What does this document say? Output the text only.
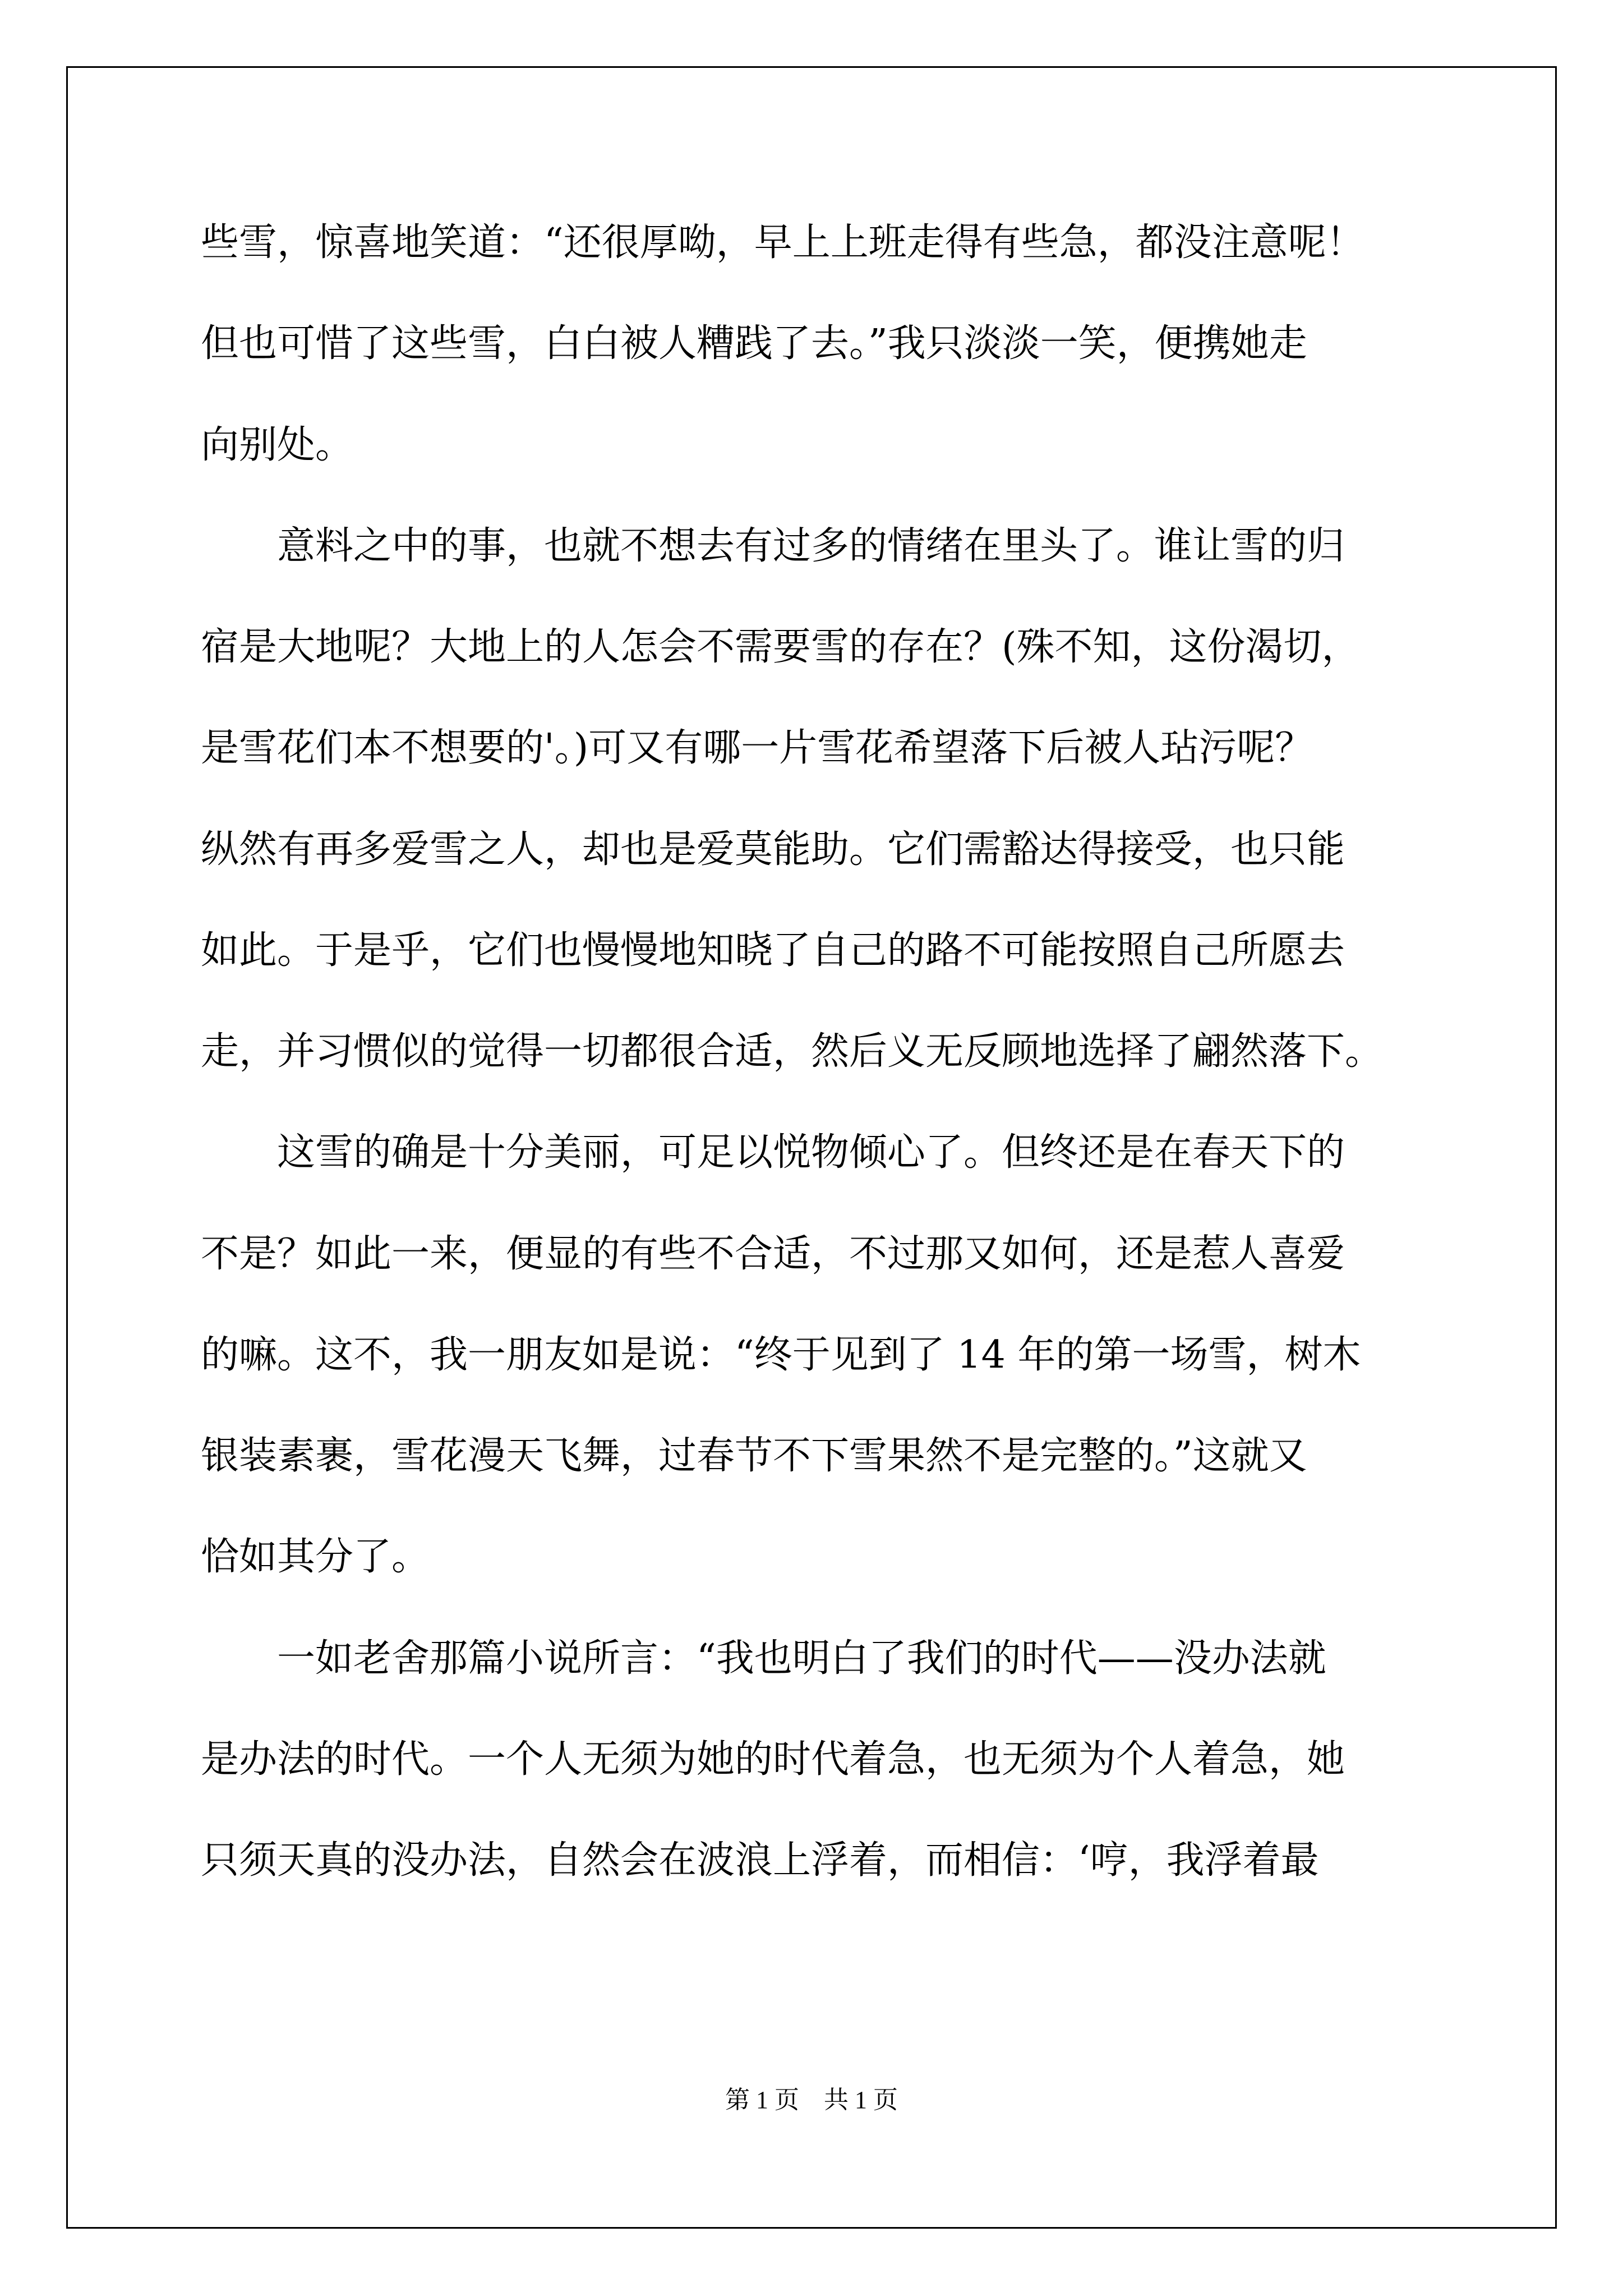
些雪，惊喜地笑道：“还很厚呦，早上上班走得有些急，都没注意呢！

但也可惜了这些雪，白白被人糟践了去。”我只淡淡一笑，便携她走

向别处。

　　意料之中的事，也就不想去有过多的情绪在里头了。谁让雪的归

宿是大地呢？大地上的人怎会不需要雪的存在？(殊不知，这份渴切，

是雪花们本不想要的'。)可又有哪一片雪花希望落下后被人玷污呢？

纵然有再多爱雪之人，却也是爱莫能助。它们需豁达得接受，也只能

如此。于是乎，它们也慢慢地知晓了自己的路不可能按照自己所愿去

走，并习惯似的觉得一切都很合适，然后义无反顾地选择了翩然落下。

　　这雪的确是十分美丽，可足以悦物倾心了。但终还是在春天下的

不是？如此一来，便显的有些不合适，不过那又如何，还是惹人喜爱

的嘛。这不，我一朋友如是说：“终于见到了 14 年的第一场雪，树木

银装素裹，雪花漫天飞舞，过春节不下雪果然不是完整的。”这就又

恰如其分了。

　　一如老舍那篇小说所言：“我也明白了我们的时代——没办法就

是办法的时代。一个人无须为她的时代着急，也无须为个人着急，她

只须天真的没办法，自然会在波浪上浮着，而相信：‘哼，我浮着最

第 1 页    共 1 页
